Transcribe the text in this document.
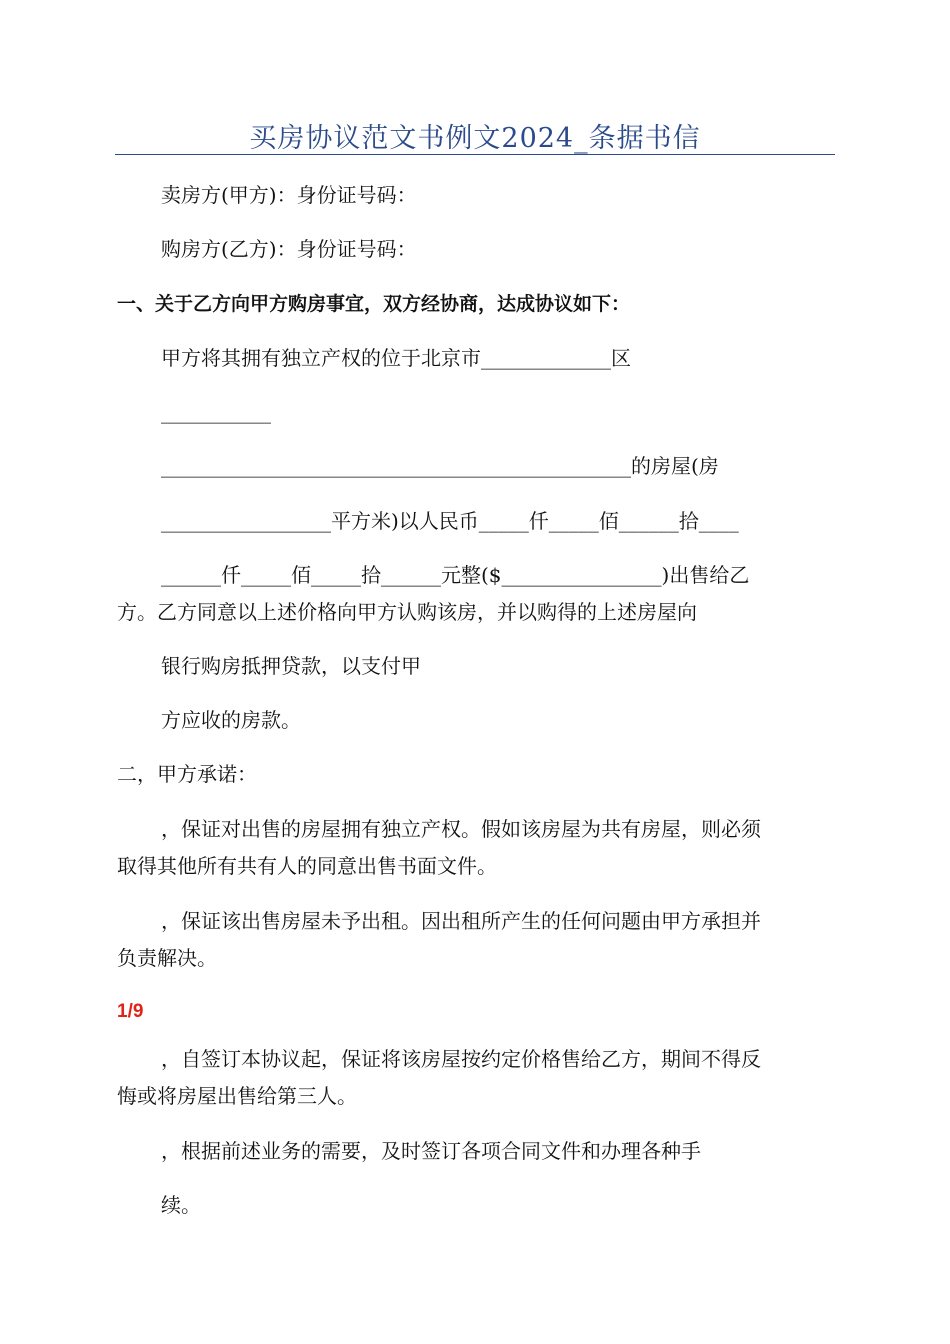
买房协议范文书例文2024_条据书信

卖房方(甲方)：身份证号码：

购房方(乙方)：身份证号码：

一、关于乙方向甲方购房事宜，双方经协商，达成协议如下：

甲方将其拥有独立产权的位于北京市_____________区

___________

_______________________________________________的房屋(房

_________________平方米)以人民币_____仟_____佰______拾____

______仟_____佰_____拾______元整($________________)出售给乙

方。乙方同意以上述价格向甲方认购该房，并以购得的上述房屋向

银行购房抵押贷款，以支付甲

方应收的房款。

二，甲方承诺：

，保证对出售的房屋拥有独立产权。假如该房屋为共有房屋，则必须

取得其他所有共有人的同意出售书面文件。

，保证该出售房屋未予出租。因出租所产生的任何问题由甲方承担并

负责解决。

1/9

，自签订本协议起，保证将该房屋按约定价格售给乙方，期间不得反

悔或将房屋出售给第三人。

，根据前述业务的需要，及时签订各项合同文件和办理各种手

续。
